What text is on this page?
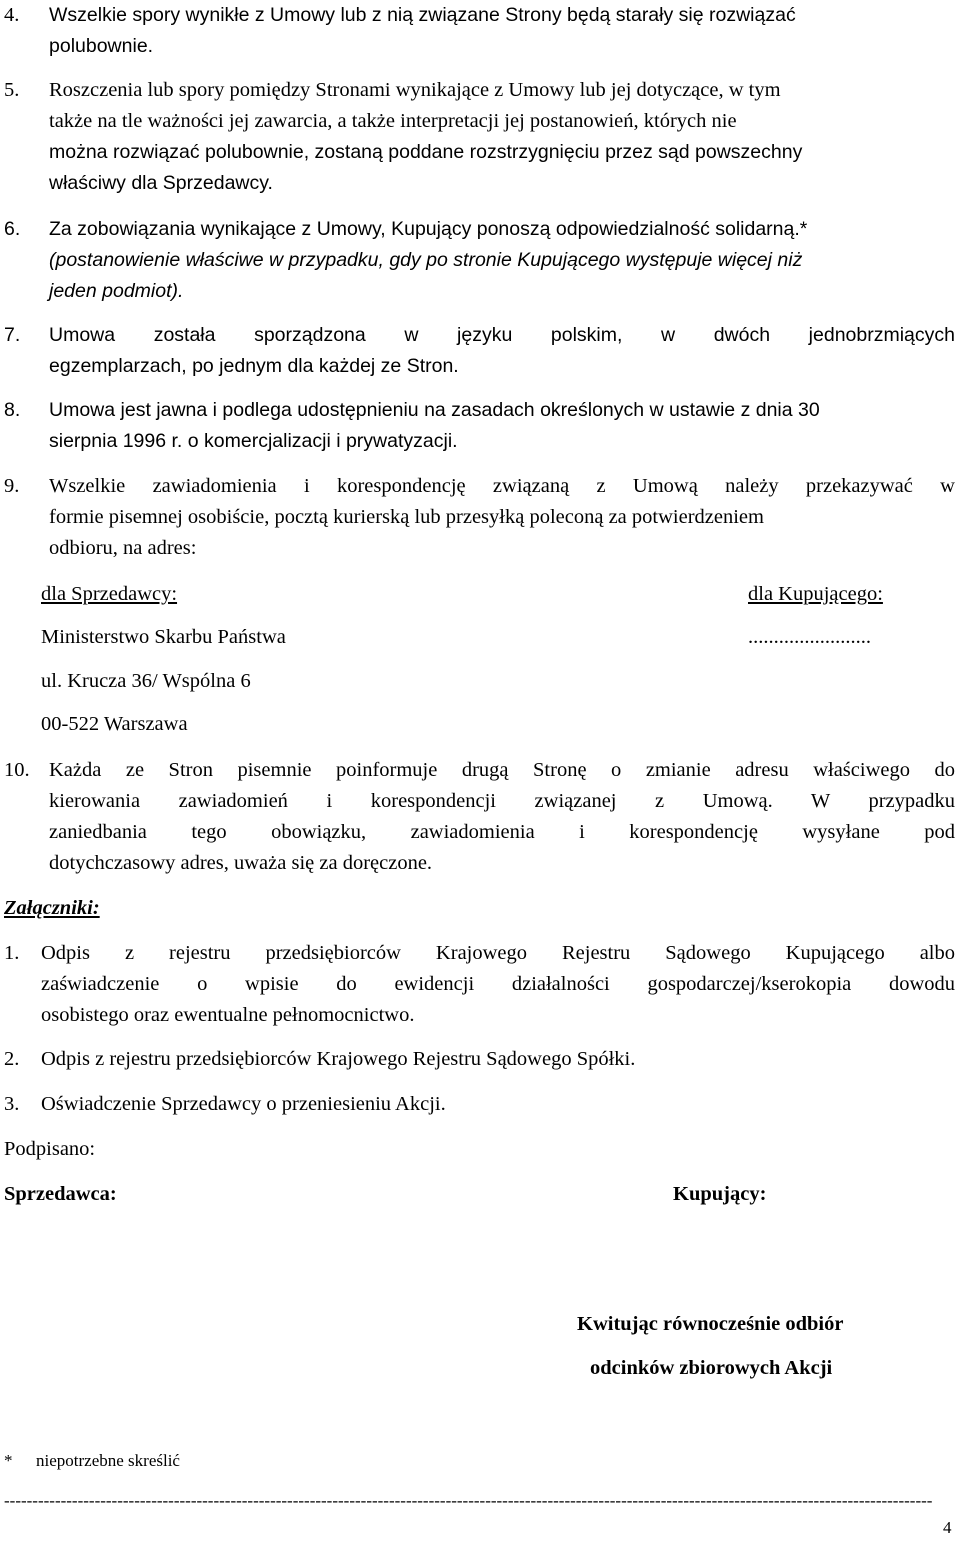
4. Wszelkie spory wynikłe z Umowy lub z nią związane Strony będą starały się rozwiązać
polubownie.
5. Roszczenia lub spory pomiędzy Stronami wynikające z Umowy lub jej dotyczące, w tym
także na tle ważności jej zawarcia, a także interpretacji jej postanowień, których nie
można rozwiązać polubownie, zostaną poddane rozstrzygnięciu przez sąd powszechny
właściwy dla Sprzedawcy.
6. Za zobowiązania wynikające z Umowy, Kupujący ponoszą odpowiedzialność solidarną.*
(postanowienie właściwe w przypadku, gdy po stronie Kupującego występuje więcej niż
jeden podmiot).
7. Umowa została sporządzona w języku polskim, w dwóch jednobrzmiących
egzemplarzach, po jednym dla każdej ze Stron.
8. Umowa jest jawna i podlega udostępnieniu na zasadach określonych w ustawie z dnia 30
sierpnia 1996 r. o komercjalizacji i prywatyzacji.
9. Wszelkie zawiadomienia i korespondencję związaną z Umową należy przekazywać w
formie pisemnej osobiście, pocztą kurierską lub przesyłką poleconą za potwierdzeniem
odbioru, na adres:
dla Sprzedawcy:	dla Kupującego:
Ministerstwo Skarbu Państwa	........................
ul. Krucza 36/ Wspólna 6
00-522 Warszawa
10. Każda ze Stron pisemnie poinformuje drugą Stronę o zmianie adresu właściwego do
kierowania zawiadomień i korespondencji związanej z Umową. W przypadku
zaniedbania tego obowiązku, zawiadomienia i korespondencję wysyłane pod
dotychczasowy adres, uważa się za doręczone.
Załączniki:
1. Odpis z rejestru przedsiębiorców Krajowego Rejestru Sądowego Kupującego albo
zaświadczenie o wpisie do ewidencji działalności gospodarczej/kserokopia dowodu
osobistego oraz ewentualne pełnomocnictwo.
2. Odpis z rejestru przedsiębiorców Krajowego Rejestru Sądowego Spółki.
3. Oświadczenie Sprzedawcy o przeniesieniu Akcji.
Podpisano:
Sprzedawca:	Kupujący:
Kwitując równocześnie odbiór
odcinków zbiorowych Akcji
* niepotrzebne skreślić
--------------------------------------------------------------------------------------------------------------------------------------------------------------------
4
